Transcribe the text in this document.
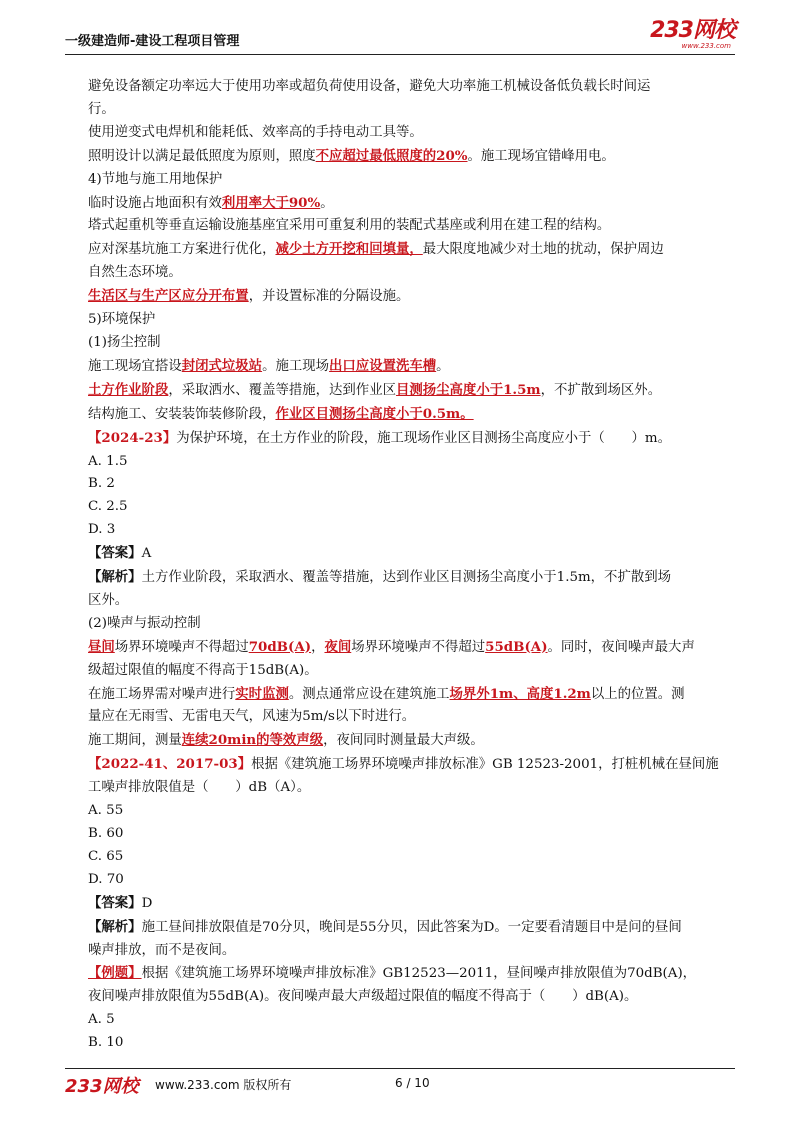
一级建造师-建设工程项目管理	233网校
www.233.com

避免设备额定功率远大于使用功率或超负荷使用设备，避免大功率施工机械设备低负载长时间运

行。

使用逆变式电焊机和能耗低、效率高的手持电动工具等。

照明设计以满足最低照度为原则，照度不应超过最低照度的20%。施工现场宜错峰用电。

4)节地与施工用地保护

临时设施占地面积有效利用率大于90%。

塔式起重机等垂直运输设施基座宜采用可重复利用的装配式基座或利用在建工程的结构。

应对深基坑施工方案进行优化，减少土方开挖和回填量，最大限度地减少对土地的扰动，保护周边

自然生态环境。

生活区与生产区应分开布置，并设置标准的分隔设施。

5)环境保护

(1)扬尘控制

施工现场宜搭设封闭式垃圾站。施工现场出口应设置洗车槽。

土方作业阶段，采取洒水、覆盖等措施，达到作业区目测扬尘高度小于1.5m，不扩散到场区外。

结构施工、安装装饰装修阶段，作业区目测扬尘高度小于0.5m。

【2024-23】为保护环境，在土方作业的阶段，施工现场作业区目测扬尘高度应小于（　　）m。

A. 1.5

B. 2

C. 2.5

D. 3

【答案】A

【解析】土方作业阶段，采取洒水、覆盖等措施，达到作业区目测扬尘高度小于1.5m，不扩散到场

区外。

(2)噪声与振动控制

昼间场界环境噪声不得超过70dB(A)，夜间场界环境噪声不得超过55dB(A)。同时，夜间噪声最大声

级超过限值的幅度不得高于15dB(A)。

在施工场界需对噪声进行实时监测。测点通常应设在建筑施工场界外1m、高度1.2m以上的位置。测

量应在无雨雪、无雷电天气，风速为5m/s以下时进行。

施工期间，测量连续20min的等效声级，夜间同时测量最大声级。

【2022-41、2017-03】根据《建筑施工场界环境噪声排放标准》GB 12523-2001，打桩机械在昼间施

工噪声排放限值是（　　）dB（A）。

A. 55

B. 60

C. 65

D. 70

【答案】D

【解析】施工昼间排放限值是70分贝，晚间是55分贝，因此答案为D。一定要看清题目中是问的昼间

噪声排放，而不是夜间。

【例题】根据《建筑施工场界环境噪声排放标准》GB12523—2011，昼间噪声排放限值为70dB(A)，

夜间噪声排放限值为55dB(A)。夜间噪声最大声级超过限值的幅度不得高于（　　）dB(A)。

A. 5

B. 10

233网校 www.233.com 版权所有	6 / 10
